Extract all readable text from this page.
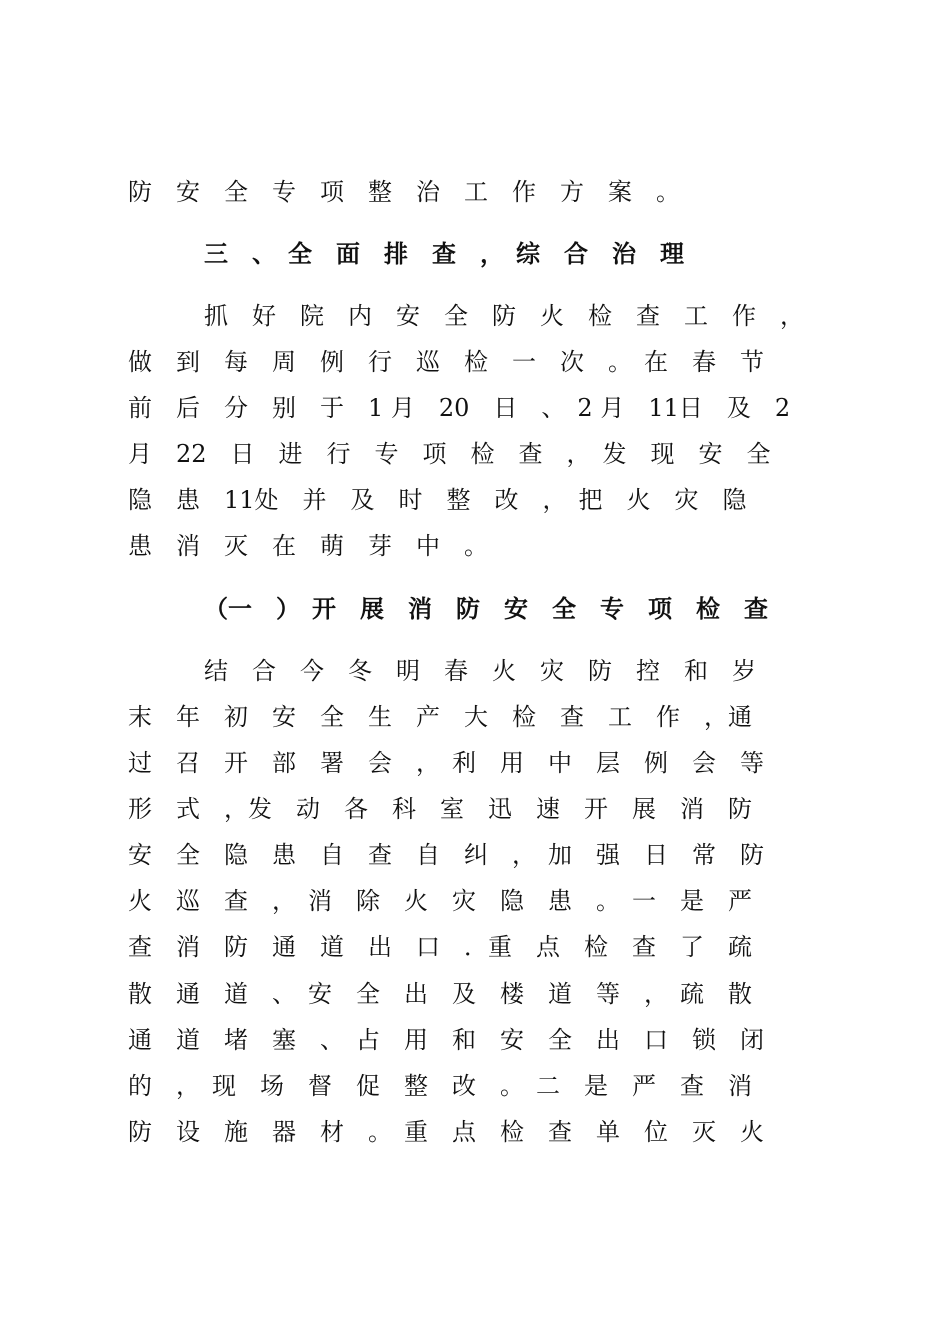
防　安　全　专　项　整　治　工　作　方　案　。
三　、　全　面　排　查　，　综　合　治　理
抓　好　院　内　安　全　防　火　检　查　工　作　，
做　到　每　周　例　行　巡　检　一　次　。　在　春　节
前　后　分　别　于　1 月　20　日　、　2 月　11日　及　2
月　22　日　进　行　专　项　检　查　，　发　现　安　全
隐　患　11处　并　及　时　整　改　，　把　火　灾　隐
患　消　灭　在　萌　芽　中　。
（一　）　开　展　消　防　安　全　专　项　检　查
结　合　今　冬　明　春　火　灾　防　控　和　岁
末　年　初　安　全　生　产　大　检　查　工　作　，通
过　召　开　部　署　会　，　利　用　中　层　例　会　等
形　式　，发　动　各　科　室　迅　速　开　展　消　防
安　全　隐　患　自　查　自　纠　，　加　强　日　常　防
火　巡　查　，　消　除　火　灾　隐　患　。　一　是　严
查　消　防　通　道　出　口　．重　点　检　查　了　疏
散　通　道　、　安　全　出　及　楼　道　等　，　疏　散
通　道　堵　塞　、　占　用　和　安　全　出　口　锁　闭
的　，　现　场　督　促　整　改　。　二　是　严　查　消
防　设　施　器　材　。　重　点　检　查　单　位　灭　火
